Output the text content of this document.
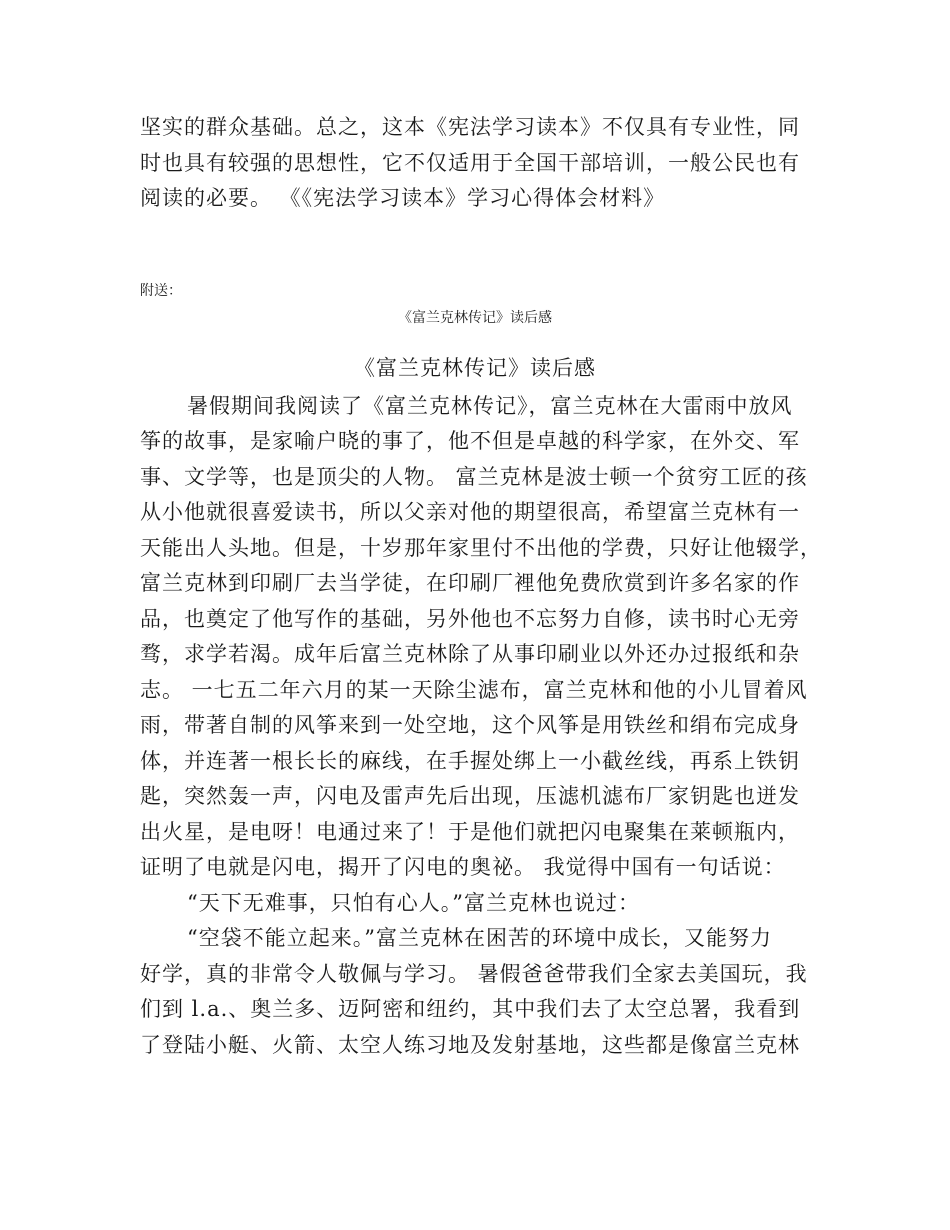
坚实的群众基础。总之，这本《宪法学习读本》不仅具有专业性，同
时也具有较强的思想性，它不仅适用于全国干部培训，一般公民也有
阅读的必要。 《《宪法学习读本》学习心得体会材料》
附送：
《富兰克林传记》读后感
《富兰克林传记》读后感
暑假期间我阅读了《富兰克林传记》，富兰克林在大雷雨中放风
筝的故事，是家喻户晓的事了，他不但是卓越的科学家，在外交、军
事、文学等，也是顶尖的人物。 富兰克林是波士顿一个贫穷工匠的孩
从小他就很喜爱读书，所以父亲对他的期望很高，希望富兰克林有一
天能出人头地。但是，十岁那年家里付不出他的学费，只好让他辍学，
富兰克林到印刷厂去当学徒，在印刷厂裡他免费欣赏到许多名家的作
品，也奠定了他写作的基础，另外他也不忘努力自修，读书时心无旁
骛，求学若渴。成年后富兰克林除了从事印刷业以外还办过报纸和杂
志。 一七五二年六月的某一天除尘滤布，富兰克林和他的小儿冒着风
雨，带著自制的风筝来到一处空地，这个风筝是用铁丝和绢布完成身
体，并连著一根长长的麻线，在手握处绑上一小截丝线，再系上铁钥
匙，突然轰一声，闪电及雷声先后出现，压滤机滤布厂家钥匙也迸发
出火星，是电呀！电通过来了！于是他们就把闪电聚集在莱顿瓶内，
证明了电就是闪电，揭开了闪电的奥祕。 我觉得中国有一句话说：
“天下无难事，只怕有心人。”富兰克林也说过：
“空袋不能立起来。”富兰克林在困苦的环境中成长，又能努力
好学，真的非常令人敬佩与学习。 暑假爸爸带我们全家去美国玩，我
们到 l.a.、奥兰多、迈阿密和纽约，其中我们去了太空总署，我看到
了登陆小艇、火箭、太空人练习地及发射基地，这些都是像富兰克林
